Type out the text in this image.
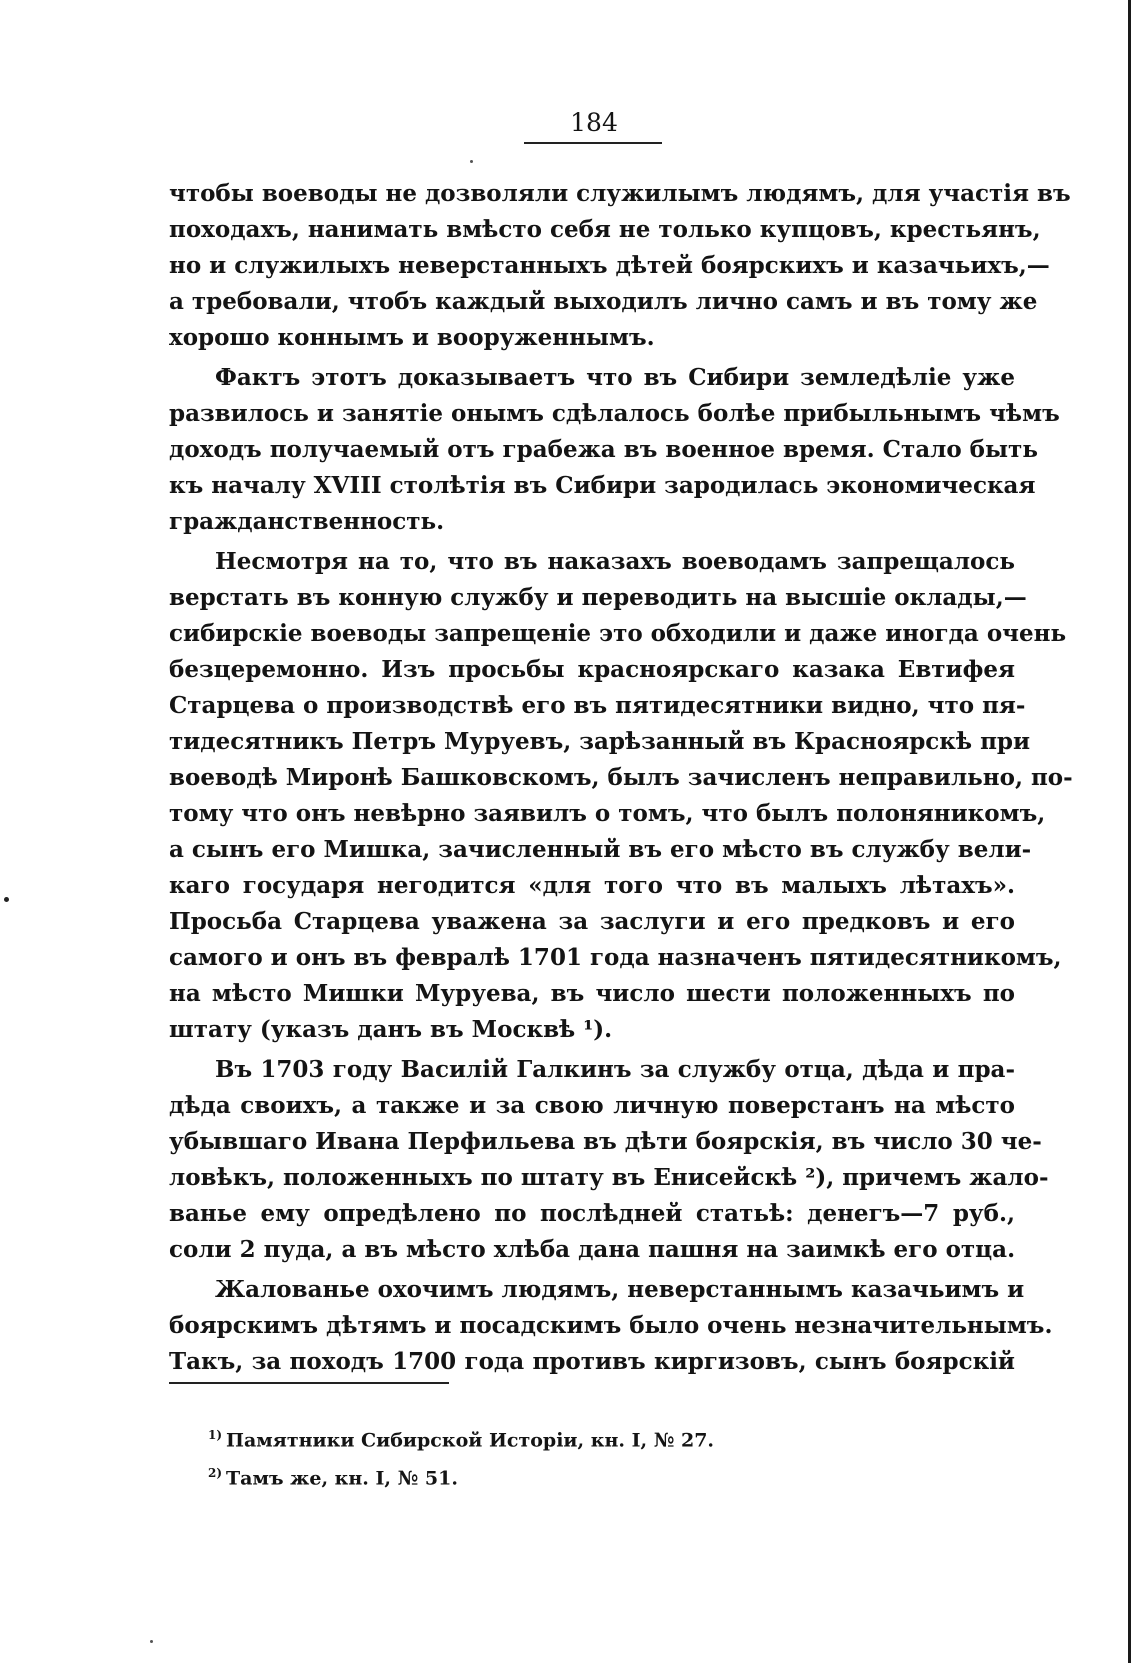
184
чтобы воеводы не дозволяли служилымъ людямъ, для участія въ
походахъ, нанимать вмѣсто себя не только купцовъ, крестьянъ,
но и служилыхъ неверстанныхъ дѣтей боярскихъ и казачьихъ,—
а требовали, чтобъ каждый выходилъ лично самъ и въ тому же
хорошо коннымъ и вооруженнымъ.
Фактъ этотъ доказываетъ что въ Сибири земледѣліе уже
развилось и занятіе онымъ сдѣлалось болѣе прибыльнымъ чѣмъ
доходъ получаемый отъ грабежа въ военное время. Стало быть
къ началу XVIII столѣтія въ Сибири зародилась экономическая
гражданственность.
Несмотря на то, что въ наказахъ воеводамъ запрещалось
верстать въ конную службу и переводить на высшіе оклады,—
сибирскіе воеводы запрещеніе это обходили и даже иногда очень
безцеремонно. Изъ просьбы красноярскаго казака Евтифея
Старцева о производствѣ его въ пятидесятники видно, что пя-
тидесятникъ Петръ Муруевъ, зарѣзанный въ Красноярскѣ при
воеводѣ Миронѣ Башковскомъ, былъ зачисленъ неправильно, по-
тому что онъ невѣрно заявилъ о томъ, что былъ полоняникомъ,
а сынъ его Мишка, зачисленный въ его мѣсто въ службу вели-
каго государя негодится «для того что въ малыхъ лѣтахъ».
Просьба Старцева уважена за заслуги и его предковъ и его
самого и онъ въ февралѣ 1701 года назначенъ пятидесятникомъ,
на мѣсто Мишки Муруева, въ число шести положенныхъ по
штату (указъ данъ въ Москвѣ ¹).
Въ 1703 году Василій Галкинъ за службу отца, дѣда и пра-
дѣда своихъ, а также и за свою личную поверстанъ на мѣсто
убывшаго Ивана Перфильева въ дѣти боярскія, въ число 30 че-
ловѣкъ, положенныхъ по штату въ Енисейскѣ ²), причемъ жало-
ванье ему опредѣлено по послѣдней статьѣ: денегъ—7 руб.,
соли 2 пуда, а въ мѣсто хлѣба дана пашня на заимкѣ его отца.
Жалованье охочимъ людямъ, неверстаннымъ казачьимъ и
боярскимъ дѣтямъ и посадскимъ было очень незначительнымъ.
Такъ, за походъ 1700 года противъ киргизовъ, сынъ боярскій
$^{1)}$ Памятники Сибирской Исторіи, кн. I, № 27.
$^{2)}$ Тамъ же, кн. I, № 51.
